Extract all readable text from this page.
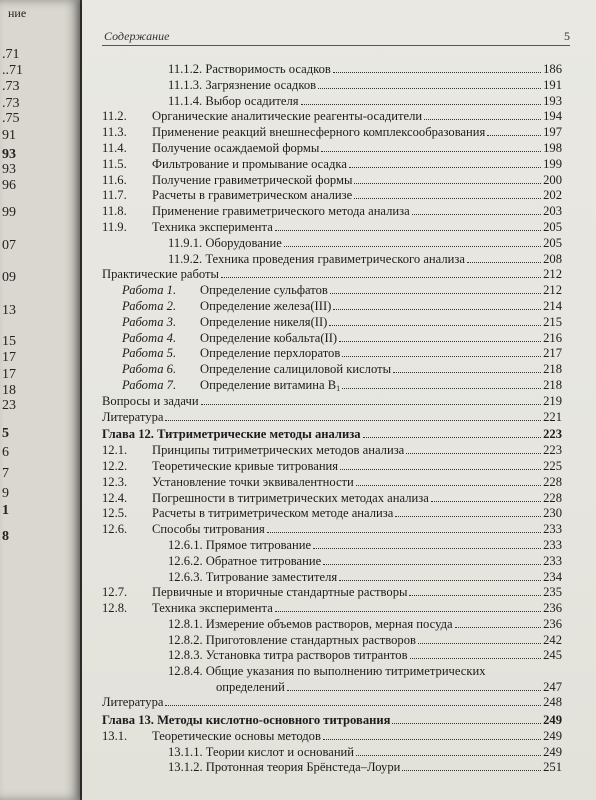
ние
.71
..71
.73
.73
.75
91
93
93
96
99
07
09
13
15
17
17
18
23
5
6
7
9
1
8
Содержание	5
11.1.2. Растворимость осадков	186
11.1.3. Загрязнение осадков	191
11.1.4. Выбор осадителя	193
11.2. Органические аналитические реагенты-осадители	194
11.3. Применение реакций внешнесферного комплексообразования	197
11.4. Получение осаждаемой формы	198
11.5. Фильтрование и промывание осадка	199
11.6. Получение гравиметрической формы	200
11.7. Расчеты в гравиметрическом анализе	202
11.8. Применение гравиметрического метода анализа	203
11.9. Техника эксперимента	205
11.9.1. Оборудование	205
11.9.2. Техника проведения гравиметрического анализа	208
Практические работы	212
Работа 1. Определение сульфатов	212
Работа 2. Определение железа(III)	214
Работа 3. Определение никеля(II)	215
Работа 4. Определение кобальта(II)	216
Работа 5. Определение перхлоратов	217
Работа 6. Определение салициловой кислоты	218
Работа 7. Определение витамина $B_1$	218
Вопросы и задачи	219
Литература	221
Глава 12. Титриметрические методы анализа	223
12.1. Принципы титриметрических методов анализа	223
12.2. Теоретические кривые титрования	225
12.3. Установление точки эквивалентности	228
12.4. Погрешности в титриметрических методах анализа	228
12.5. Расчеты в титриметрическом методе анализа	230
12.6. Способы титрования	233
12.6.1. Прямое титрование	233
12.6.2. Обратное титрование	233
12.6.3. Титрование заместителя	234
12.7. Первичные и вторичные стандартные растворы	235
12.8. Техника эксперимента	236
12.8.1. Измерение объемов растворов, мерная посуда	236
12.8.2. Приготовление стандартных растворов	242
12.8.3. Установка титра растворов титрантов	245
12.8.4. Общие указания по выполнению титриметрических
определений	247
Литература	248
Глава 13. Методы кислотно-основного титрования	249
13.1. Теоретические основы методов	249
13.1.1. Теории кислот и оснований	249
13.1.2. Протонная теория Брёнстеда–Лоури	251
